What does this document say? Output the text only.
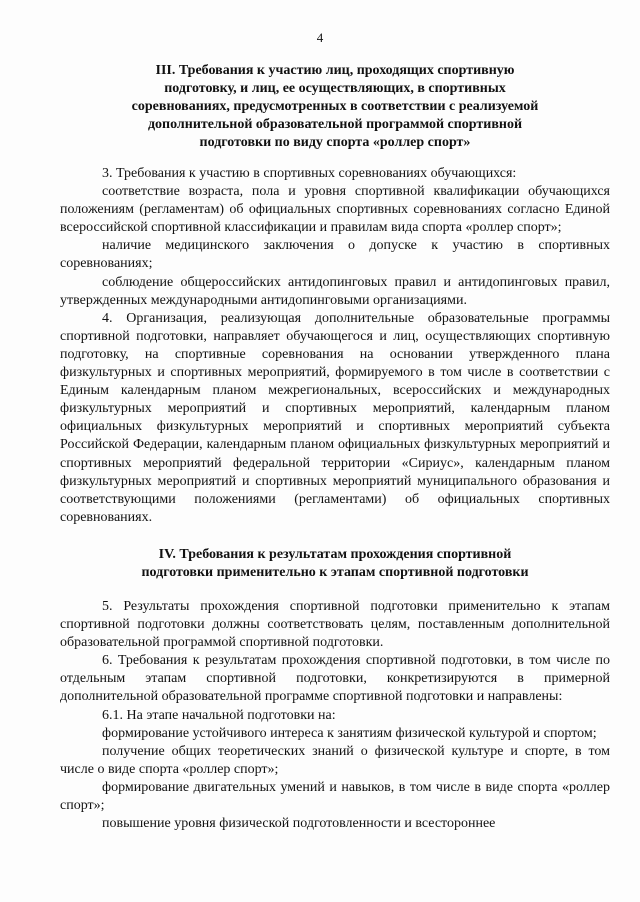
4
III. Требования к участию лиц, проходящих спортивную
подготовку, и лиц, ее осуществляющих, в спортивных
соревнованиях, предусмотренных в соответствии с реализуемой
дополнительной образовательной программой спортивной
подготовки по виду спорта «роллер спорт»

3. Требования к участию в спортивных соревнованиях обучающихся:

соответствие возраста, пола и уровня спортивной квалификации обучающихся положениям (регламентам) об официальных спортивных соревнованиях согласно Единой всероссийской спортивной классификации и правилам вида спорта «роллер спорт»;

наличие медицинского заключения о допуске к участию в спортивных соревнованиях;

соблюдение общероссийских антидопинговых правил и антидопинговых правил, утвержденных международными антидопинговыми организациями.

4. Организация, реализующая дополнительные образовательные программы спортивной подготовки, направляет обучающегося и лиц, осуществляющих спортивную подготовку, на спортивные соревнования на основании утвержденного плана физкультурных и спортивных мероприятий, формируемого в том числе в соответствии с Единым календарным планом межрегиональных, всероссийских и международных физкультурных мероприятий и спортивных мероприятий, календарным планом официальных физкультурных мероприятий и спортивных мероприятий субъекта Российской Федерации, календарным планом официальных физкультурных мероприятий и спортивных мероприятий федеральной территории «Сириус», календарным планом физкультурных мероприятий и спортивных мероприятий муниципального образования и соответствующими положениями (регламентами) об официальных спортивных соревнованиях.

IV. Требования к результатам прохождения спортивной
подготовки применительно к этапам спортивной подготовки

5. Результаты прохождения спортивной подготовки применительно к этапам спортивной подготовки должны соответствовать целям, поставленным дополнительной образовательной программой спортивной подготовки.

6. Требования к результатам прохождения спортивной подготовки, в том числе по отдельным этапам спортивной подготовки, конкретизируются в примерной дополнительной образовательной программе спортивной подготовки и направлены:

6.1. На этапе начальной подготовки на:

формирование устойчивого интереса к занятиям физической культурой и спортом;

получение общих теоретических знаний о физической культуре и спорте, в том числе о виде спорта «роллер спорт»;

формирование двигательных умений и навыков, в том числе в виде спорта «роллер спорт»;

повышение уровня физической подготовленности и всестороннее
